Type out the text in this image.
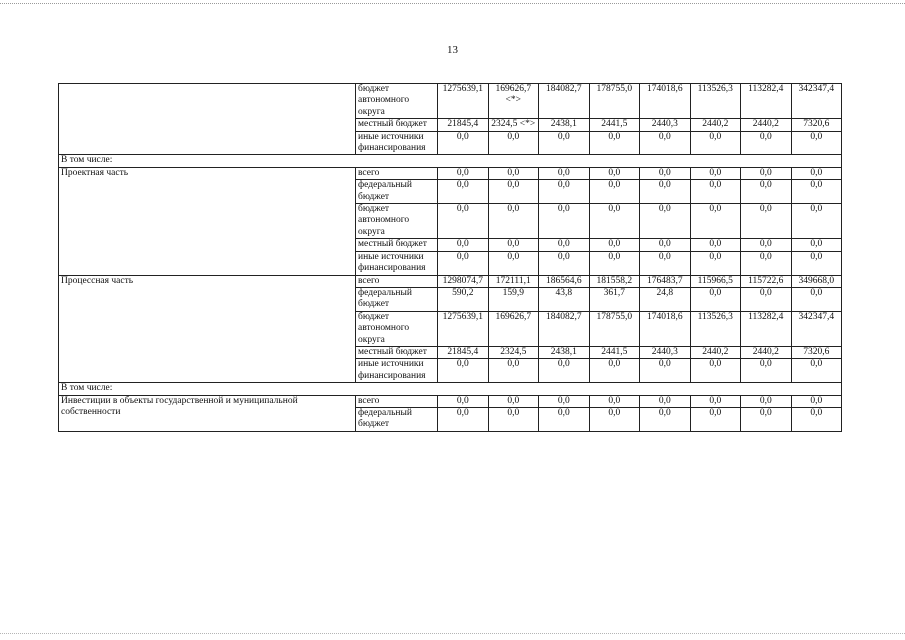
13
	бюджет автономного округа	1275639,1	169626,7 <*>	184082,7	178755,0	174018,6	113526,3	113282,4	342347,4
	местный бюджет	21845,4	2324,5 <*>	2438,1	2441,5	2440,3	2440,2	2440,2	7320,6
	иные источники финансирования	0,0	0,0	0,0	0,0	0,0	0,0	0,0	0,0
В том числе:									
Проектная часть	всего	0,0	0,0	0,0	0,0	0,0	0,0	0,0	0,0
	федеральный бюджет	0,0	0,0	0,0	0,0	0,0	0,0	0,0	0,0
	бюджет автономного округа	0,0	0,0	0,0	0,0	0,0	0,0	0,0	0,0
	местный бюджет	0,0	0,0	0,0	0,0	0,0	0,0	0,0	0,0
	иные источники финансирования	0,0	0,0	0,0	0,0	0,0	0,0	0,0	0,0
Процессная часть	всего	1298074,7	172111,1	186564,6	181558,2	176483,7	115966,5	115722,6	349668,0
	федеральный бюджет	590,2	159,9	43,8	361,7	24,8	0,0	0,0	0,0
	бюджет автономного округа	1275639,1	169626,7	184082,7	178755,0	174018,6	113526,3	113282,4	342347,4
	местный бюджет	21845,4	2324,5	2438,1	2441,5	2440,3	2440,2	2440,2	7320,6
	иные источники финансирования	0,0	0,0	0,0	0,0	0,0	0,0	0,0	0,0
В том числе:									
Инвестиции в объекты государственной и муниципальной собственности	всего	0,0	0,0	0,0	0,0	0,0	0,0	0,0	0,0
	федеральный бюджет	0,0	0,0	0,0	0,0	0,0	0,0	0,0	0,0
